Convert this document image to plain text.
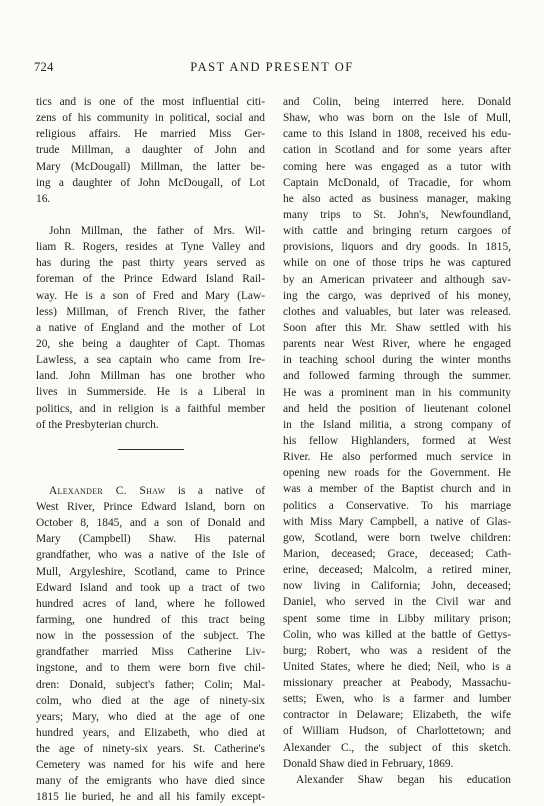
724	PAST AND PRESENT OF
tics and is one of the most influential citi-
zens of his community in political, social and
religious affairs. He married Miss Ger-
trude Millman, a daughter of John and
Mary (McDougall) Millman, the latter be-
ing a daughter of John McDougall, of Lot
16.
John Millman, the father of Mrs. Wil-
liam R. Rogers, resides at Tyne Valley and
has during the past thirty years served as
foreman of the Prince Edward Island Rail-
way. He is a son of Fred and Mary (Law-
less) Millman, of French River, the father
a native of England and the mother of Lot
20, she being a daughter of Capt. Thomas
Lawless, a sea captain who came from Ire-
land. John Millman has one brother who
lives in Summerside. He is a Liberal in
politics, and in religion is a faithful member
of the Presbyterian church.
Alexander C. Shaw is a native of
West River, Prince Edward Island, born on
October 8, 1845, and a son of Donald and
Mary (Campbell) Shaw. His paternal
grandfather, who was a native of the Isle of
Mull, Argyleshire, Scotland, came to Prince
Edward Island and took up a tract of two
hundred acres of land, where he followed
farming, one hundred of this tract being
now in the possession of the subject. The
grandfather married Miss Catherine Liv-
ingstone, and to them were born five chil-
dren: Donald, subject's father; Colin; Mal-
colm, who died at the age of ninety-six
years; Mary, who died at the age of one
hundred years, and Elizabeth, who died at
the age of ninety-six years. St. Catherine's
Cemetery was named for his wife and here
many of the emigrants who have died since
1815 lie buried, he and all his family except-
and Colin, being interred here. Donald
Shaw, who was born on the Isle of Mull,
came to this Island in 1808, received his edu-
cation in Scotland and for some years after
coming here was engaged as a tutor with
Captain McDonald, of Tracadie, for whom
he also acted as business manager, making
many trips to St. John's, Newfoundland,
with cattle and bringing return cargoes of
provisions, liquors and dry goods. In 1815,
while on one of those trips he was captured
by an American privateer and although sav-
ing the cargo, was deprived of his money,
clothes and valuables, but later was released.
Soon after this Mr. Shaw settled with his
parents near West River, where he engaged
in teaching school during the winter months
and followed farming through the summer.
He was a prominent man in his community
and held the position of lieutenant colonel
in the Island militia, a strong company of
his fellow Highlanders, formed at West
River. He also performed much service in
opening new roads for the Government. He
was a member of the Baptist church and in
politics a Conservative. To his marriage
with Miss Mary Campbell, a native of Glas-
gow, Scotland, were born twelve children:
Marion, deceased; Grace, deceased; Cath-
erine, deceased; Malcolm, a retired miner,
now living in California; John, deceased;
Daniel, who served in the Civil war and
spent some time in Libby military prison;
Colin, who was killed at the battle of Gettys-
burg; Robert, who was a resident of the
United States, where he died; Neil, who is a
missionary preacher at Peabody, Massachu-
setts; Ewen, who is a farmer and lumber
contractor in Delaware; Elizabeth, the wife
of William Hudson, of Charlottetown; and
Alexander C., the subject of this sketch.
Donald Shaw died in February, 1869.
Alexander Shaw began his education
